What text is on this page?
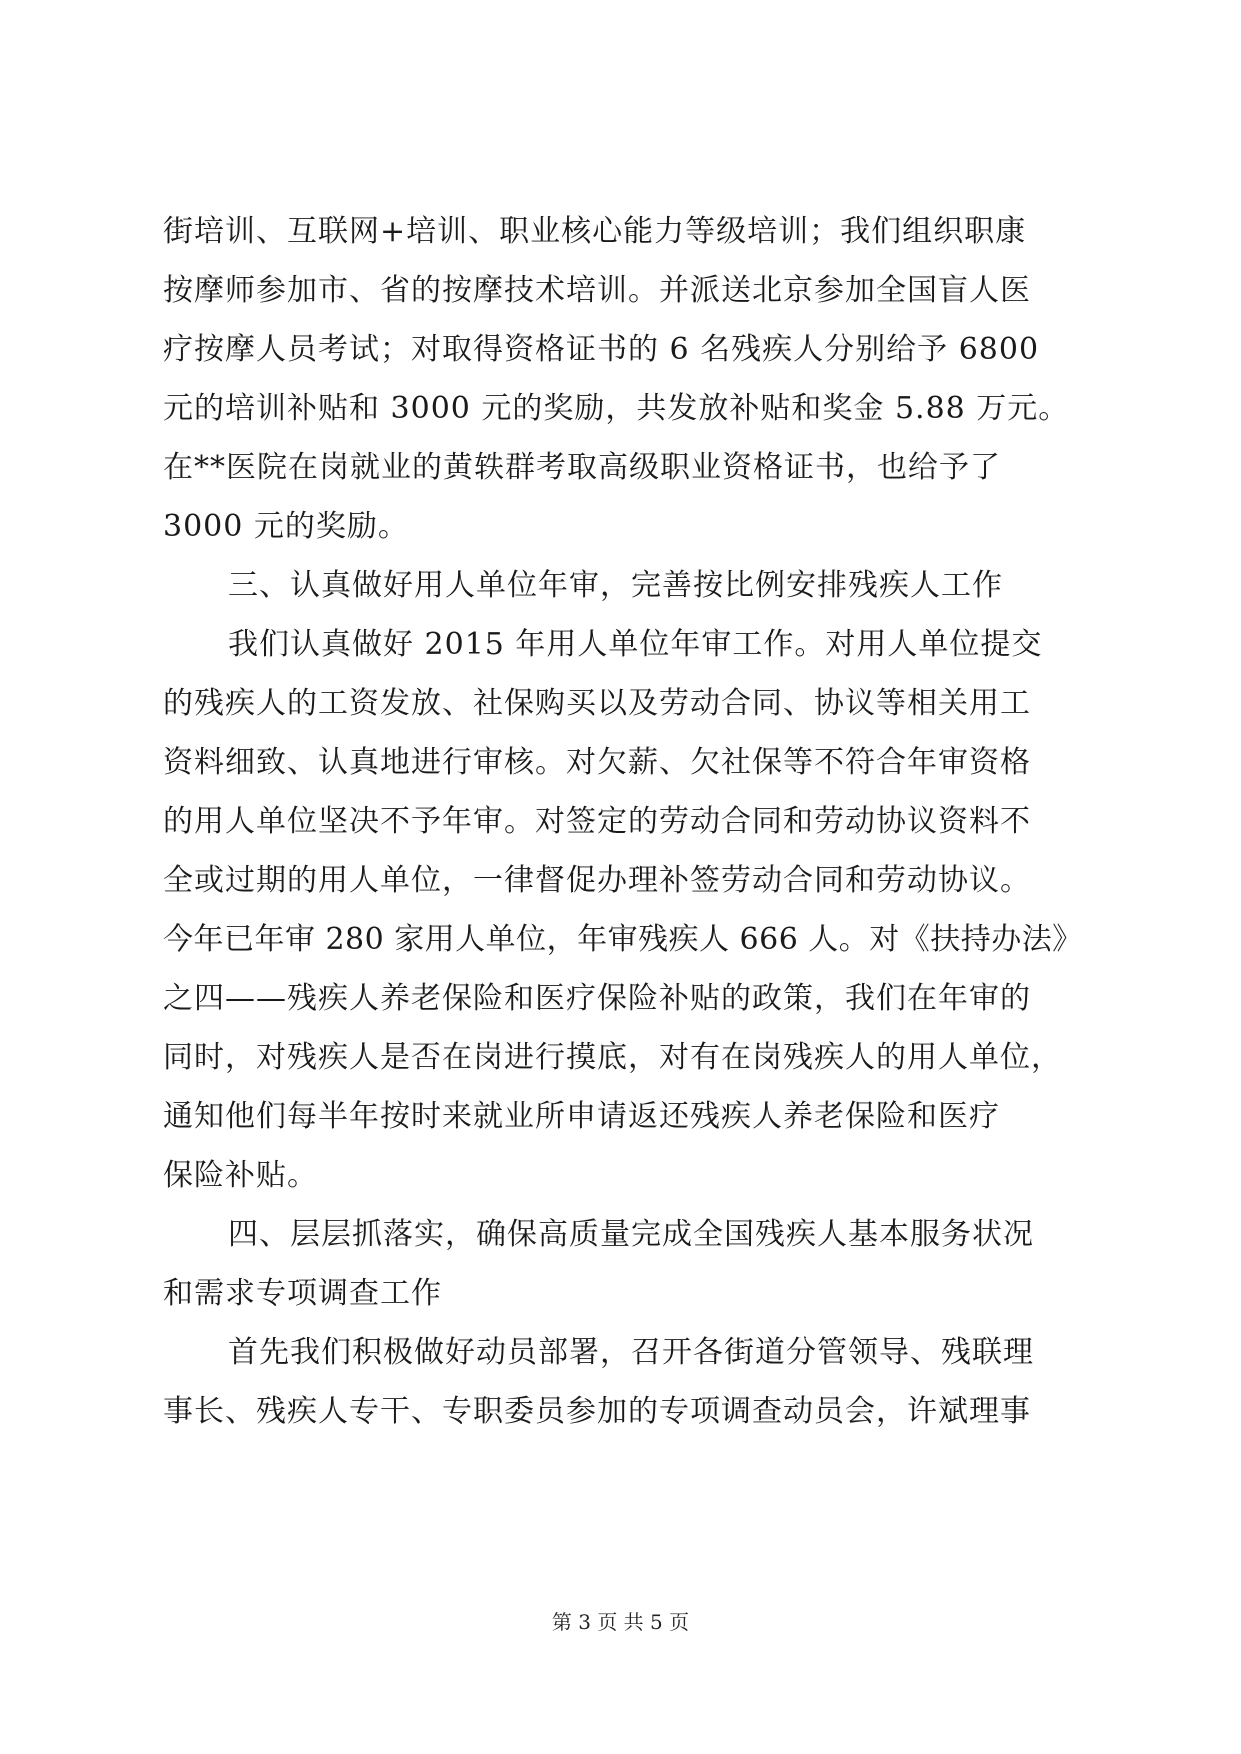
街培训、互联网+培训、职业核心能力等级培训；我们组织职康
按摩师参加市、省的按摩技术培训。并派送北京参加全国盲人医
疗按摩人员考试；对取得资格证书的 6 名残疾人分别给予 6800
元的培训补贴和 3000 元的奖励，共发放补贴和奖金 5.88 万元。
在**医院在岗就业的黄轶群考取高级职业资格证书，也给予了
3000 元的奖励。
三、认真做好用人单位年审，完善按比例安排残疾人工作
我们认真做好 2015 年用人单位年审工作。对用人单位提交
的残疾人的工资发放、社保购买以及劳动合同、协议等相关用工
资料细致、认真地进行审核。对欠薪、欠社保等不符合年审资格
的用人单位坚决不予年审。对签定的劳动合同和劳动协议资料不
全或过期的用人单位，一律督促办理补签劳动合同和劳动协议。
今年已年审 280 家用人单位，年审残疾人 666 人。对《扶持办法》
之四——残疾人养老保险和医疗保险补贴的政策，我们在年审的
同时，对残疾人是否在岗进行摸底，对有在岗残疾人的用人单位，
通知他们每半年按时来就业所申请返还残疾人养老保险和医疗
保险补贴。
四、层层抓落实，确保高质量完成全国残疾人基本服务状况
和需求专项调查工作
首先我们积极做好动员部署，召开各街道分管领导、残联理
事长、残疾人专干、专职委员参加的专项调查动员会，许斌理事
第 3 页 共 5 页
